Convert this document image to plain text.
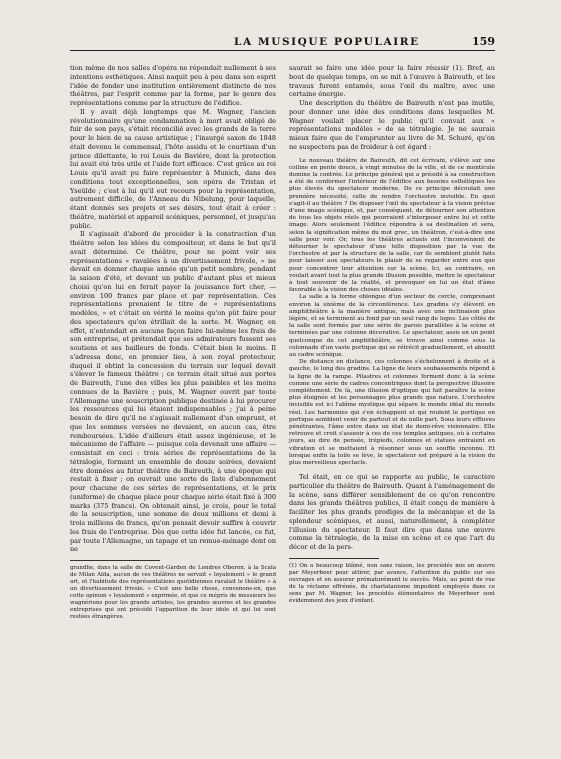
LA MUSIQUE POPULAIRE	159

tion même de nos salles d'opéra ne répondait nullement à ses intentions esthétiques. Ainsi naquit peu à peu dans son esprit l'idée de fonder une institution entièrement distincte de nos théâtres, par l'esprit comme par la forme, par le genre des représentations comme par la structure de l'édifice.

Il y avait déjà longtemps que M. Wagner, l'ancien révolutionnaire qu'une condamnation à mort avait obligé de fuir de son pays, s'était réconcilié avec les grands de la terre pour le bien de sa cause artistique ; l'insurgé saxon de 1848 était devenu le commensal, l'hôte assidu et le courtisan d'un prince dilettante, le roi Louis de Bavière, dont la protection lui avait été très utile et l'aide fort efficace. C'est grâce au roi Louis qu'il avait pu faire représenter à Munich, dans des conditions tout exceptionnelles, son opéra de Tristan et Yseülde ; c'est à lui qu'il eut recours pour la représentation, autrement difficile, de l'Anneau du Nibelung, pour laquelle, étant donnés ses projets et ses désirs, tout était à créer : théâtre, matériel et appareil scéniques, personnel, et jusqu'au public.

Il s'agissait d'abord de procéder à la construction d'un théâtre selon les idées du compositeur, et dans le but qu'il avait déterminé. Ce théâtre, pour ne point voir ses représentations « ravalées à un divertissement frivole, » ne devait en donner chaque année qu'un petit nombre, pendant la saison d'été, et devant un public d'autant plus et mieux choisi qu'on lui en ferait payer la jouissance fort cher, — environ 100 francs par place et par représentation. Ces représentations prenaient le titre de « représentations modèles, » et c'était en vérité le moins qu'on pût faire pour des spectateurs qu'on étrillait de la sorte. M. Wagner, en effet, n'entendait en aucune façon faire lui-même les frais de son entreprise, et prétendait que ses admirateurs fussent ses soutiens et ses bailleurs de fonds. C'était bien le moins. Il s'adressa donc, en premier lieu, à son royal protecteur, duquel il obtint la concession du terrain sur lequel devait s'élever le fameux théâtre ; ce terrain était situé aux portes de Baireuth, l'une des villes les plus paisibles et les moins connues de la Bavière ; puis, M. Wagner ouvrit par toute l'Allemagne une souscription publique destinée à lui procurer les ressources qui lui étaient indispensables ; j'ai à peine besoin de dire qu'il ne s'agissait nullement d'un emprunt, et que les sommes versées ne devaient, en aucun cas, être remboursées. L'idée d'ailleurs était assez ingénieuse, et le mécanisme de l'affaire — puisque cela devenait une affaire — consistait en ceci : trois séries de représentations de la tétralogie, formant un ensemble de douze soirées, devaient être données au futur théâtre de Baireuth, à une époque qui restait à fixer ; on ouvrait une sorte de liste d'abonnement pour chacune de ces séries de représentations, et le prix (uniforme) de chaque place pour chaque série était fixé à 300 marks (375 francs). On obtenait ainsi, je crois, pour le total de la souscription, une somme de deux millions et demi à trois millions de francs, qu'on pensait devoir suffire à couvrir les frais de l'entreprise. Dès que cette idée fut lancée, ce fut, par toute l'Allemagne, un tapage et un remue-ménage dont on ne

grandhe, dans la salle de Covent-Garden de Londres Oberon, à la Scala de Milan Aïda, aucun de ces théâtres ne servait « loyalement » le grand art, et l'habitude des représentations quotidiennes ravalait le théâtre « à un divertissement frivole. » C'est une belle chose, convenons-en, que cette opinion « loyalement » exprimée, et que ce mépris de messieurs les wagnériens pour les grands artistes, les grandes œuvres et les grandes entreprises qui ont précédé l'apparition de leur idole et qui lui sont restées étrangères.

saurait se faire une idée pour la faire réussir (1). Bref, au bout de quelque temps, on se mit à l'œuvre à Baireuth, et les travaux furent entamés, sous l'œil du maître, avec une certaine énergie.

Une description du théâtre de Baireuth n'est pas inutile, pour donner une idée des conditions dans lesquelles M. Wagner voulait placer le public qu'il convait aux « représentations modèles » de sa tétralogie. Je ne saurais mieux faire que de l'emprunter au livre de M. Schuré, qu'on ne suspectera pas de froideur à cet égard :

Le nouveau théâtre de Baireuth, dit cet écrivain, s'élève sur une colline en pente douce, à vingt minutes de la ville, et de ce monticule domine la contrée. Le principe général qui a présidé à sa construction a été de conformer l'intérieur de l'édifice aux besoins esthétiques les plus élevés du spectateur moderne. De ce principe découlait une première nécessité, celle de rendre l'orchestre invisible. En quoi s'agit-il au théâtre ? De disposer l'œil du spectateur à la vision précise d'une image scénique, et, par conséquent, de détourner son attention de tous les objets réels qui pourraient s'interposer entre lui et cette image. Alors seulement l'édifice répondra à sa destination et sera, selon la signification même du mot grec, un théâtron, c'est-à-dire une salle pour voir. Or, tous les théâtres actuels ont l'inconvénient de détourner le spectateur d'une telle disposition par la vue de l'orchestre et par la structure de la salle, car ils semblent plutôt faits pour laisser aux spectateurs le plaisir de se regarder entre eux que pour concentrer leur attention sur la scène. Ici, au contraire, on voulait avant tout la plus grande illusion possible, mettre le spectateur à tout souvenir de la réalité, et provoquer en lui un état d'âme favorable à la vision des choses idéales.

La salle a la forme oblongue d'un secteur de cercle, comprenant environ la sixième de la circonférence. Les gradins s'y élèvent en amphithéâtre à la manière antique, mais avec une inclinaison plus légère, et se terminent au fond par un seul rang de loges. Les côtés de la salle sont formés par une série de parois parallèles à la scène et terminées par une colonne décorative. Le spectateur, assis en un point quelconque de cet amphithéâtre, se trouve ainsi comme sous la colonnade d'un vaste portique qui se rétrécit graduellement, et aboutit au cadre scénique.

De distance en distance, ces colonnes s'échelonnent à droite et à gauche, le long des gradins. La ligne de leurs soubassements répond à la ligne de la rampe. Pilastres et colonnes forment donc à la scène comme une série de cadres concentriques dont la perspective illusoire complétement. De là, une illusion d'optique qui fait paraître la scène plus éloignée et les personnages plus grands que nature. L'orchestre invisible est ici l'abîme mystique qui sépare le monde idéal du monde réel. Les harmonies qui s'en échappent et qui roulent le portique en portique semblent venir de partout et de nulle part. Sous leurs effluves pénétrantes, l'âme entre dans un état de demi-rêve visionnaire. Elle retrouve et croit s'asseoir à ces de ces temples antiques, où à certains jours, au dire de pensée, trépieds, colonnes et statues entraient en vibration et se mettaient à résonner sous un souffle inconnu. Et lorsque enfin la toile se lève, le spectateur est préparé à la vision du plus merveilleux spectacle.

Tel était, en ce qui se rapporte au public, le caractère particulier du théâtre de Baireuth. Quant à l'aménagement de la scène, sans différer sensiblement de ce qu'on rencontre dans les grands théâtres publics, il était conçu de manière à faciliter les plus grands prodiges de la mécanique et de la splendeur scéniques, et aussi, naturellement, à compléter l'illusion du spectateur. Il faut dire que dans une œuvre comme la tétralogie, de la mise en scène et ce que l'art du décor et de la pers-

(1) On a beaucoup blâmé, non sans raison, les procédés mis en œuvre par Meyerbeer pour attirer, par avance, l'attention du public sur ses ouvrages et en assurer prématurément le succès. Mais, au point de vue de la réclame effrénée, du charlatanisme impudent employés dans ce sens par M. Wagner, les procédés élémentaires de Meyerbeer sont évidemment des jeux d'enfant.
